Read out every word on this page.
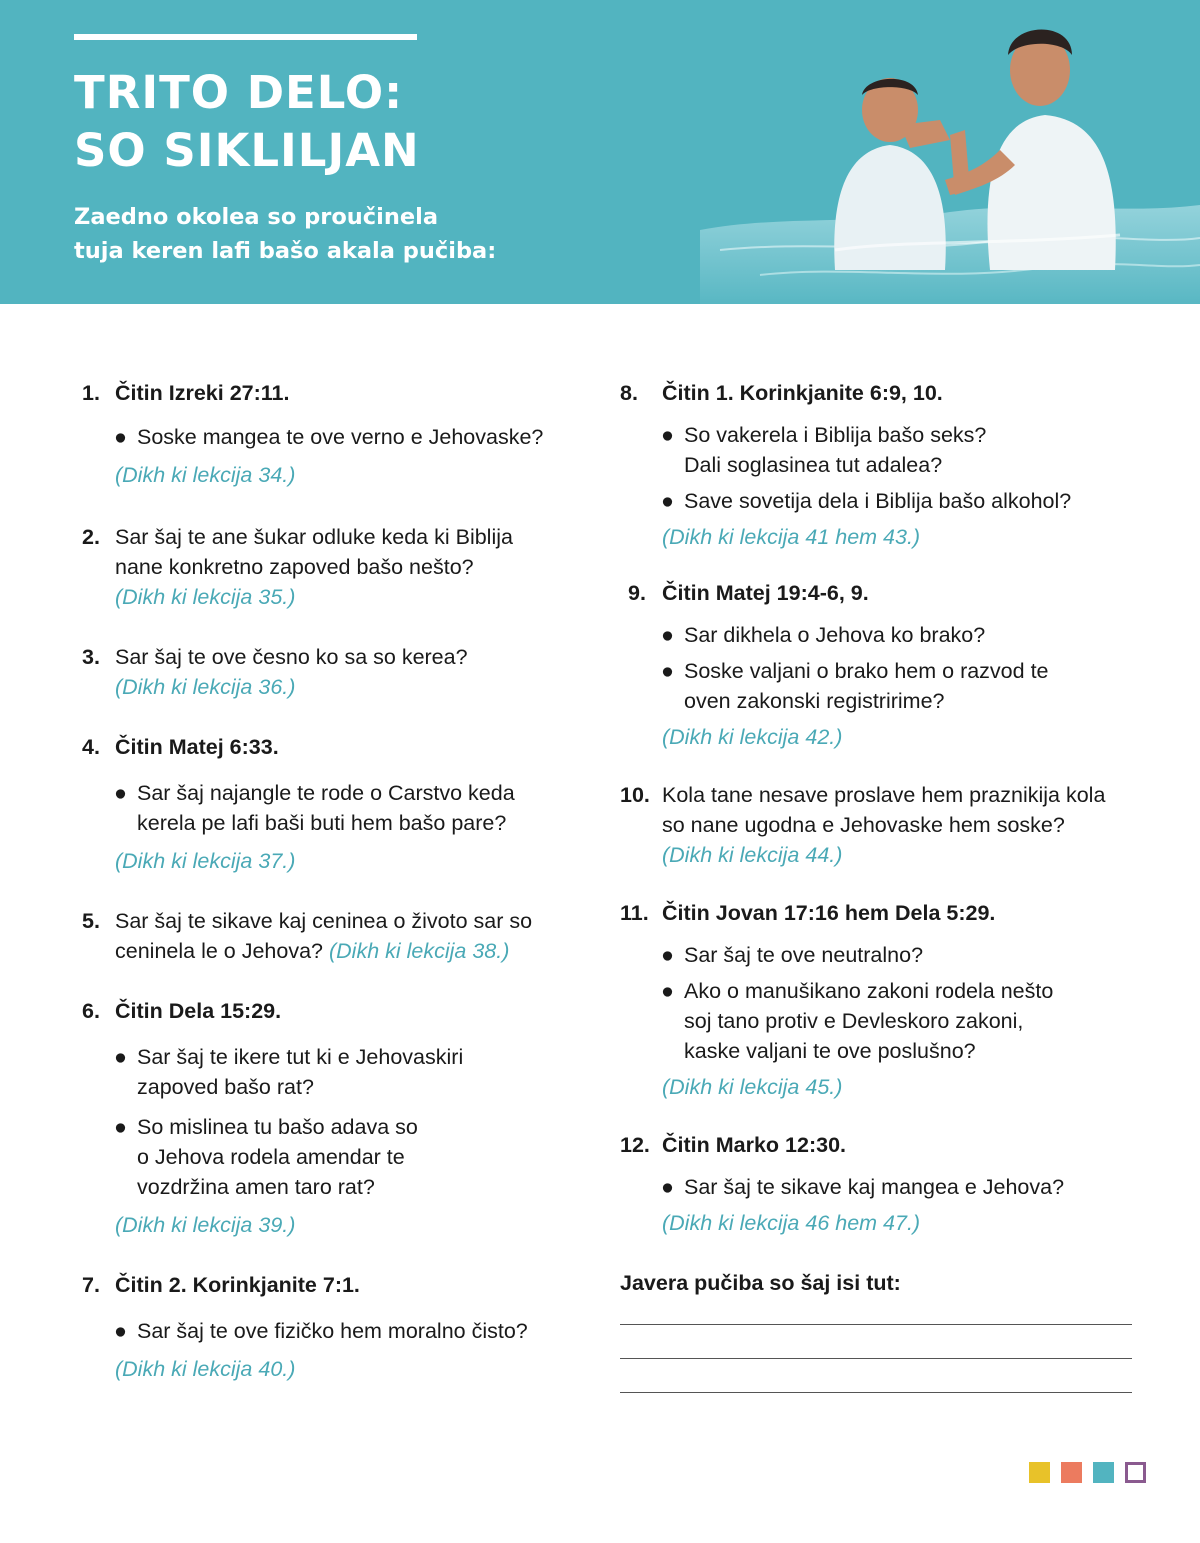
TRITO DELO:
SO SIKLILJAN

Zaedno okolea so proučinela
tuja keren lafi bašo akala pučiba:

1. Čitin Izreki 27:11.
● Soske mangea te ove verno e Jehovaske?
(Dikh ki lekcija 34.)
2. Sar šaj te ane šukar odluke keda ki Biblija
nane konkretno zapoved bašo nešto?
(Dikh ki lekcija 35.)
3. Sar šaj te ove česno ko sa so kerea?
(Dikh ki lekcija 36.)
4. Čitin Matej 6:33.
● Sar šaj najangle te rode o Carstvo keda
kerela pe lafi baši buti hem bašo pare?
(Dikh ki lekcija 37.)
5. Sar šaj te sikave kaj ceninea o životo sar so
ceninela le o Jehova? (Dikh ki lekcija 38.)
6. Čitin Dela 15:29.
● Sar šaj te ikere tut ki e Jehovaskiri
zapoved bašo rat?
● So mislinea tu bašo adava so
o Jehova rodela amendar te
vozdržina amen taro rat?
(Dikh ki lekcija 39.)
7. Čitin 2. Korinkjanite 7:1.
● Sar šaj te ove fizičko hem moralno čisto?
(Dikh ki lekcija 40.)
8. Čitin 1. Korinkjanite 6:9, 10.
● So vakerela i Biblija bašo seks?
Dali soglasinea tut adalea?
● Save sovetija dela i Biblija bašo alkohol?
(Dikh ki lekcija 41 hem 43.)
9. Čitin Matej 19:4-6, 9.
● Sar dikhela o Jehova ko brako?
● Soske valjani o brako hem o razvod te
oven zakonski registririme?
(Dikh ki lekcija 42.)
10. Kola tane nesave proslave hem praznikija kola
so nane ugodna e Jehovaske hem soske?
(Dikh ki lekcija 44.)
11. Čitin Jovan 17:16 hem Dela 5:29.
● Sar šaj te ove neutralno?
● Ako o manušikano zakoni rodela nešto
soj tano protiv e Devleskoro zakoni,
kaske valjani te ove poslušno?
(Dikh ki lekcija 45.)
12. Čitin Marko 12:30.
● Sar šaj te sikave kaj mangea e Jehova?
(Dikh ki lekcija 46 hem 47.)
Javera pučiba so šaj isi tut:
